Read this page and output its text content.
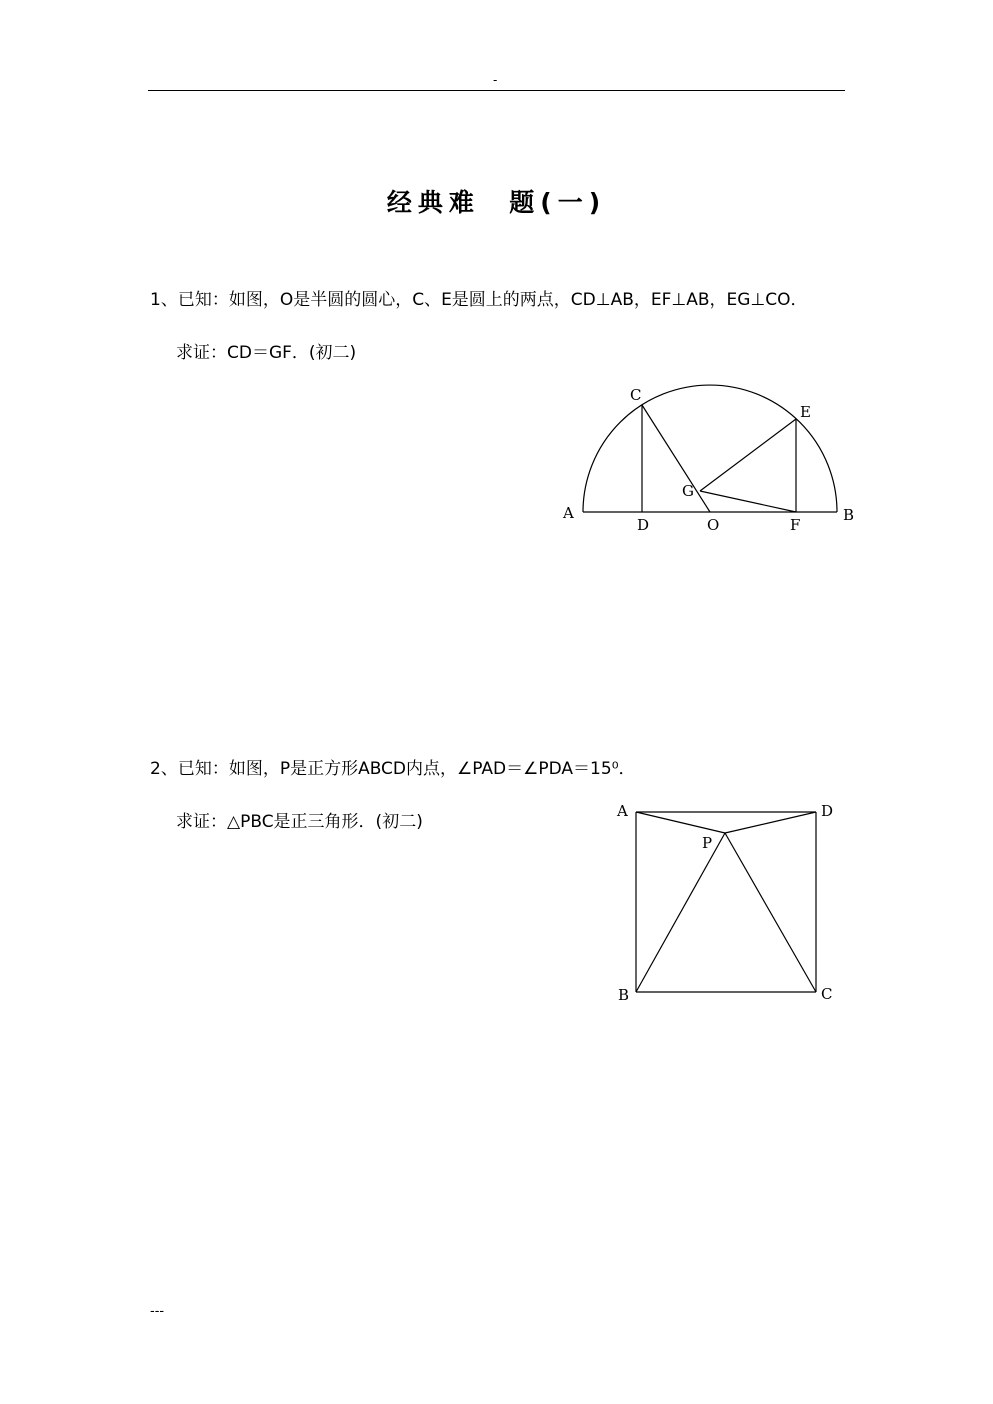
-
经典难  题(一)
1、已知：如图，O是半圆的圆心，C、E是圆上的两点，CD⊥AB，EF⊥AB，EG⊥CO．
求证：CD＝GF．(初二)
A	B
C
D
E
F
G
O
2、已知：如图，P是正方形ABCD内点，∠PAD＝∠PDA＝15⁰．
求证：△PBC是正三角形．(初二)
A	D
B	C
P
---
